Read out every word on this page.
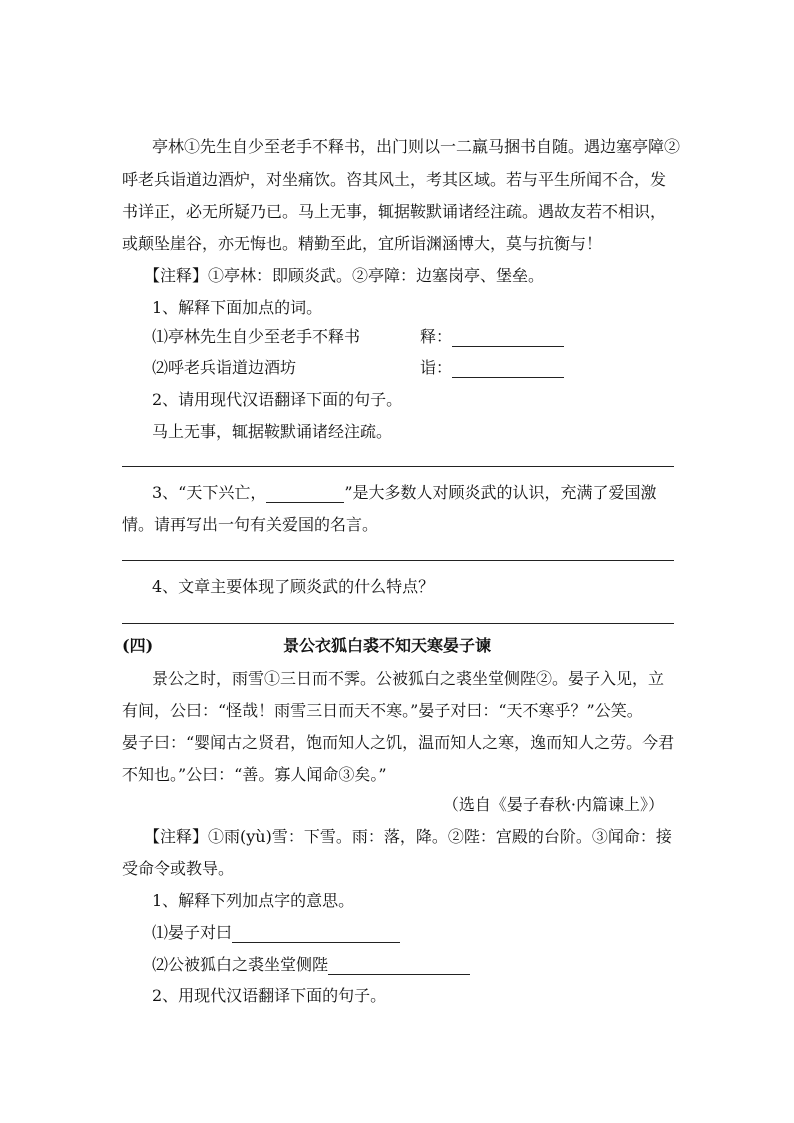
亭林①先生自少至老手不释书，出门则以一二羸马捆书自随。遇边塞亭障②
呼老兵诣道边酒炉，对坐痛饮。咨其风土，考其区域。若与平生所闻不合，发
书详正，必无所疑乃已。马上无事，辄据鞍默诵诸经注疏。遇故友若不相识，
或颠坠崖谷，亦无悔也。精勤至此，宜所诣渊涵博大，莫与抗衡与！
【注释】①亭林：即顾炎武。②亭障：边塞岗亭、堡垒。
1、解释下面加点的词。
⑴亭林先生自少至老手不释书	释：
⑵呼老兵诣道边酒坊	诣：
2、请用现代汉语翻译下面的句子。
马上无事，辄据鞍默诵诸经注疏。
3、“天下兴亡，	”是大多数人对顾炎武的认识，充满了爱国激
情。请再写出一句有关爱国的名言。
4、文章主要体现了顾炎武的什么特点？
(四)	景公衣狐白裘不知天寒晏子谏
景公之时，雨雪①三日而不霁。公被狐白之裘坐堂侧陛②。晏子入见，立
有间，公曰：“怪哉！雨雪三日而天不寒。”晏子对曰：“天不寒乎？”公笑。
晏子曰：“婴闻古之贤君，饱而知人之饥，温而知人之寒，逸而知人之劳。今君
不知也。”公曰：“善。寡人闻命③矣。”
（选自《晏子春秋·内篇谏上》）
【注释】①雨(yù)雪：下雪。雨：落，降。②陛：宫殿的台阶。③闻命：接
受命令或教导。
1、解释下列加点字的意思。
⑴晏子对曰
⑵公被狐白之裘坐堂侧陛
2、用现代汉语翻译下面的句子。
